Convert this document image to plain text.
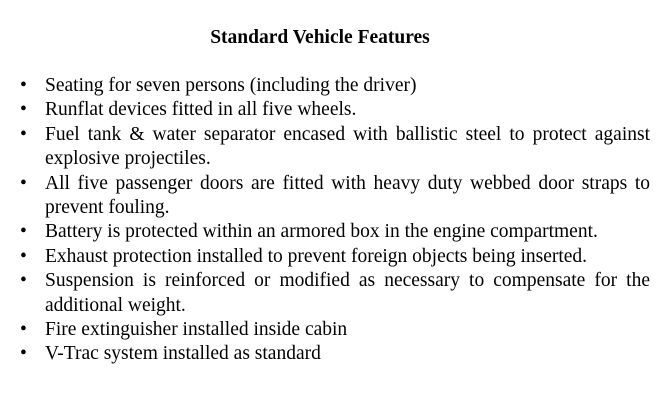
Standard Vehicle Features
• Seating for seven persons (including the driver)
• Runflat devices fitted in all five wheels.
• Fuel tank & water separator encased with ballistic steel to protect against explosive projectiles.
• All five passenger doors are fitted with heavy duty webbed door straps to prevent fouling.
• Battery is protected within an armored box in the engine compartment.
• Exhaust protection installed to prevent foreign objects being inserted.
• Suspension is reinforced or modified as necessary to compensate for the additional weight.
• Fire extinguisher installed inside cabin
• V-Trac system installed as standard
